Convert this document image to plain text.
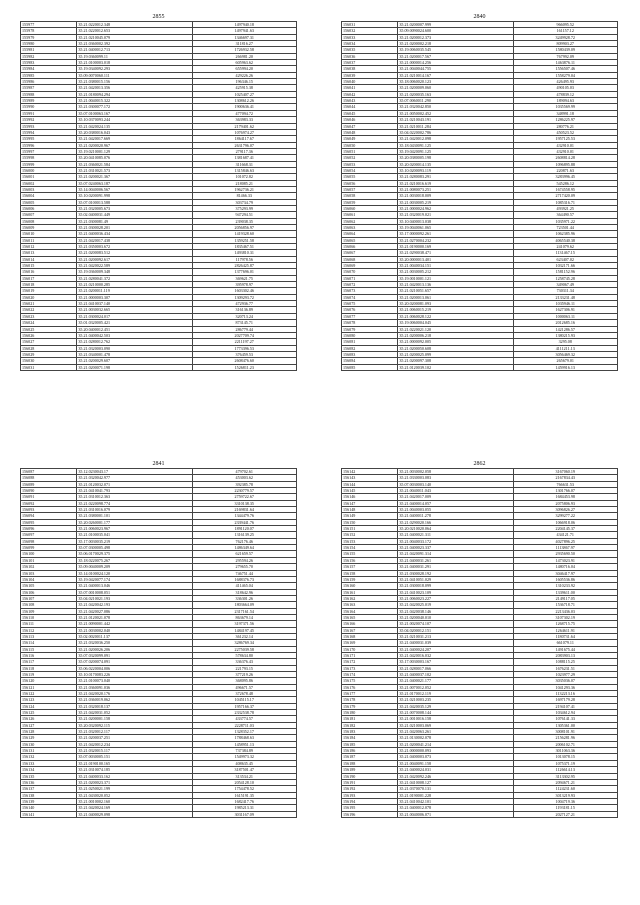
2855
155977	35.21.0220012.348	1497940.18
155978	35.21.0220012.653	1497941.63
155979	35.21.0210045.079	1346697.31
155980	35.21.0360002.392	311816.27
155981	35.21.0400012.713	1726932.58
155982	35.19.0360099.11	266981.20
155983	35.21.0100003.018	605963.62
155984	35.19.0340092.293	655994.20
155985	35.09.0070060.111	429226.26
155986	35.21.0380015.156	196346.15
155987	35.21.0420013.356	425915.38
155988	35.21.0180094.294	1025407.27
155989	35.21.0040015.322	1308612.26
155990	35.21.0300077.172	1900636.41
155991	35.07.0100063.167	477094.72
155992	35.10.0370093.244	363983.33
155993	35.21.0420024.135	2179401.62
155994	35.20.0380016.043	1076974.27
155995	35.21.0420017.669	1864117.67
155996	35.21.0200020.967	2631796.07
155997	35.19.0210001.129	279117.36
155998	35.20.0410085.076	1381687.41
155999	35.21.0360021.584	311668.31
156000	35.21.0310021.573	1315846.63
156001	35.21.0200021.367	101072.82
156002	35.07.0240063.187	218085.21
156003	35.14.0040006.567	1962736.21
156004	35.10.0200091.998	81466.33
156005	35.07.0100013.588	303734.79
156006	35.21.0320005.673	375293.99
156007	35.02.0400031.449	947294.51
156008	35.21.0300081.49	239038.35
156009	35.21.0300028.201	2056856.97
156010	35.21.0400036.434	1419328.60
156011	35.21.0420017.438	1359251.58
156012	35.21.0350003.672	1835467.51
156013	35.21.0200083.512	1493810.31
156014	35.21.0200092.617	117978.56
156015	35.21.0420022.589	2826425.87
156016	35.19.0360009.348	1377696.01
156017	35.21.0280041.372	369621.75
156018	35.21.0210000.285	395978.97
156019	35.21.0200011.119	1603302.46
156020	35.21.0000003.307	1309293.72
156021	35.21.0410037.140	472936.77
156022	35.21.0030032.665	316136.89
156023	35.21.0300024.017	320713.24
156024	35.01.0320005.421	873145.71
156025	35.20.0400012.451	286779.44
156026	35.21.0400042.503	2027709.74
156027	35.21.0280012.762	2211197.27
156028	35.21.0320003.090	1773396.53
156029	35.21.0340001.478	376459.53
156030	35.21.0200029.607	2608476.60
156031	35.21.0200071.198	1526811.23
2840
156031	35.21.0200007.999	966095.52
156032	35.09.0090024.600	161157.12
156033	35.21.0200012.373	3249928.72
156034	35.21.0200002.218	809903.27
156035	35.19.0060035.545	1580439.09
156036	35.21.0200017.567	767992.09
156037	35.21.0000014.256	1463876.11
156038	35.21.0040044.755	1556507.46
156039	35.21.0210014.167	1558279.04
156040	35.18.0060020.123	426495.93
156041	35.21.0200009.060	490105.03
156042	35.21.0200035.163	478839.12
156043	35.07.0060011.290	189094.63
156044	35.21.0320042.850	1035569.99
156045	35.21.0050002.452	348991.18
156046	35.21.0210043.191	1286225.97
156047	35.21.0210011.284	280776.21
156048	35.04.0220002.786	450523.52
156049	35.21.0420012.098	1957125.53
156050	35.18.0430091.125	432910.01
156051	35.19.0420091.125	432910.01
156052	35.20.0380005.198	2608814.28
156053	35.20.0200014.135	1096895.88
156054	35.10.0200093.119	220871.63
156055	35.21.0280083.291	3283996.45
156056	35.21.0210016.619	545286.12
156057	35.21.0080073.251	1674558.95
156058	35.21.0030018.009	2717420.09
156059	35.21.0030005.219	1085316.71
156060	35.21.0000024.962	493921.25
156061	35.21.0320019.021	364490.57
156062	35.10.0400013.038	1035971.22
156063	35.19.0040061.065	723501.44
156064	35.17.0000092.261	1062385.96
156065	35.21.0270004.232	4065540.38
156066	35.21.0190000.169	241079.62
156067	35.21.0290038.471	1131467.15
156068	35.20.0000013.401	623407.02
156069	35.21.0040034.151	1032171.66
156070	35.21.0030005.212	1581152.96
156071	35.19.0010001.121	1258745.28
156072	35.21.0420013.136	349067.49
156073	35.21.0210051.657	730311.34
156074	35.21.0200013.061	2133231.48
156075	35.20.0200081.093	1035946.11
156076	35.21.0060015.219	1627306.91
156077	35.21.0060028.122	1000063.11
156078	35.19.0060004.045	2012685.16
156079	35.21.0220021.120	1421286.57
156080	35.21.0200006.218	1380215.93
156081	35.21.0000092.005	3295.08
156082	35.21.0200050.608	4111211.13
156083	35.21.0200025.099	3056469.32
156084	35.21.0200097.308	265679.01
156085	35.21.0120039.102	1459916.13
2841
156087	35.12.0230043.17	479702.61
156088	35.21.0320042.977	453003.62
156089	35.21.0120032.071	392385.78
156090	35.21.0410041.793	2230779.57
156091	35.21.0310012.363	2759722.67
156092	35.21.0220098.774	3310138.35
156093	35.21.0310016.079	2169831.64
156094	35.21.0380001.101	1344479.76
156095	35.20.0260001.177	2339441.76
156096	35.21.0060023.967	1891120.07
156097	35.21.0100035.041	1316139.25
156098	35.17.0030035.219	762176.46
156099	35.07.0300005.498	1486349.64
156100	35.06.0170029.375	621659.57
156101	35.18.0220075.267	295594.26
156102	35.09.0040009.209	279655.70
156103	35.14.0100024.120	746751.44
156104	35.19.0420077.174	1688376.73
156105	35.21.0400013.046	411465.04
156106	35.07.0010008.051	318642.96
156107	35.04.0210021.193	336301.26
156108	35.21.0420042.193	1803664.09
156109	35.21.0420027.086	2317161.54
156110	35.21.0120021.078	863679.14
156111	35.21.0090001.442	3197371.56
156112	35.21.0030002.040	1484197.45
156113	35.02.0020011.137	361232.14
156114	35.21.0320036.250	3286769.34
156115	35.21.0200026.206	2275039.58
156116	35.07.0320099.091	578634.80
156117	35.07.0200074.091	336376.43
156118	35.06.0220004.006	221793.15
156119	35.10.0170083.226	377219.26
156120	35.21.0100073.040	368095.86
156121	35.21.0360091.036	496671.57
156122	35.21.0420020.176	372678.48
156123	35.21.0360019.062	1045115.17
156124	35.21.0320018.137	1957166.37
156125	35.21.0420031.052	2332538.78
156126	35.21.0200001.158	433774.57
156127	35.20.0320092.115	2228711.03
156128	35.21.0320012.117	1328352.17
156129	35.21.0200037.251	1788468.63
156130	35.21.0420012.234	1458951.13
156131	35.21.0320015.117	737384.89
156132	35.07.0030005.151	1549973.32
156133	35.21.0190100.165	408635.45
156134	35.21.0310074.185	3187501.47
156135	35.21.0400033.162	313534.21
156136	35.21.0200023.371	2054128.10
156137	35.21.0250021.199	1754478.52
156138	35.21.0430020.052	1615191.35
156139	35.21.0010002.160	1682417.76
156140	35.21.0420024.169	1985213.31
156141	35.21.0400029.098	3031167.09
2862
156142	35.21.0030002.058	3167060.19
156143	35.21.0330003.083	2167834.43
156144	35.07.0030003.140	766631.53
156145	35.21.0040011.043	1301766.07
156146	35.21.0420017.009	1684453.98
156147	35.21.0400014.057	2075806.93
156148	35.21.0040003.055	3096826.27
156149	35.21.0400011.278	3299277.22
156150	35.21.0290020.166	1066918.06
156151	35.20.0210020.064	2204145.37
156152	35.21.0400021.311	434121.71
156153	35.21.0040033.172	4027896.25
156154	35.21.0400023.337	1113867.97
156155	35.21.0420091.314	2935690.50
156156	35.21.0400031.261	1473023.91
156157	35.21.0400031.291	1480716.04
156158	35.21.0300028.192	3046417.97
156159	35.21.0410051.029	1605536.86
156160	35.21.0300018.099	1310233.92
156161	35.21.0410023.109	1339611.00
156162	35.21.0060023.227	2149117.05
156163	35.21.0420025.019	1536718.71
156164	35.21.0420038.146	2213436.03
156165	35.21.0200040.010	3107302.19
156166	35.21.0020074.107	1268715.75
156167	35.04.0200012.151	1264611.91
156168	35.21.0210031.213	1180731.64
156169	35.21.0400031.039	661079.11
156170	35.21.0400024.207	1491675.44
156171	35.21.0420016.032	2083903.13
156172	35.17.0030003.167	1088115.25
156173	35.21.0280017.066	1676231.51
156174	35.21.0400037.102	1023977.29
156175	35.21.0400021.177	3035036.07
156176	35.21.0070012.052	1041293.36
156177	35.21.0170012.119	1132213.16
156178	35.21.0210003.235	1697179.28
156179	35.21.0420035.129	2194107.41
156180	35.21.0070008.144	1034612.94
156181	35.21.0010016.158	1076141.33
156182	35.21.0210003.069	1305361.00
156183	35.21.0420063.261	3008101.91
156184	35.21.0130002.078	2156281.96
156185	35.21.0200041.214	2006102.71
156186	35.21.0000000.093	3011063.36
156187	35.21.0400003.073	1013078.15
156188	35.21.0040091.158	1075371.19
156189	35.21.0400024.031	1126614.13
156190	35.21.0420092.246	3113302.95
156191	35.21.0410008.127	2094671.21
156192	35.21.0370070.131	1124231.60
156193	35.21.0190001.228	3013219.93
156194	35.21.0410042.101	1004719.36
156195	35.21.0400012.078	1193181.15
156196	35.21.0040006.071	2027127.21
